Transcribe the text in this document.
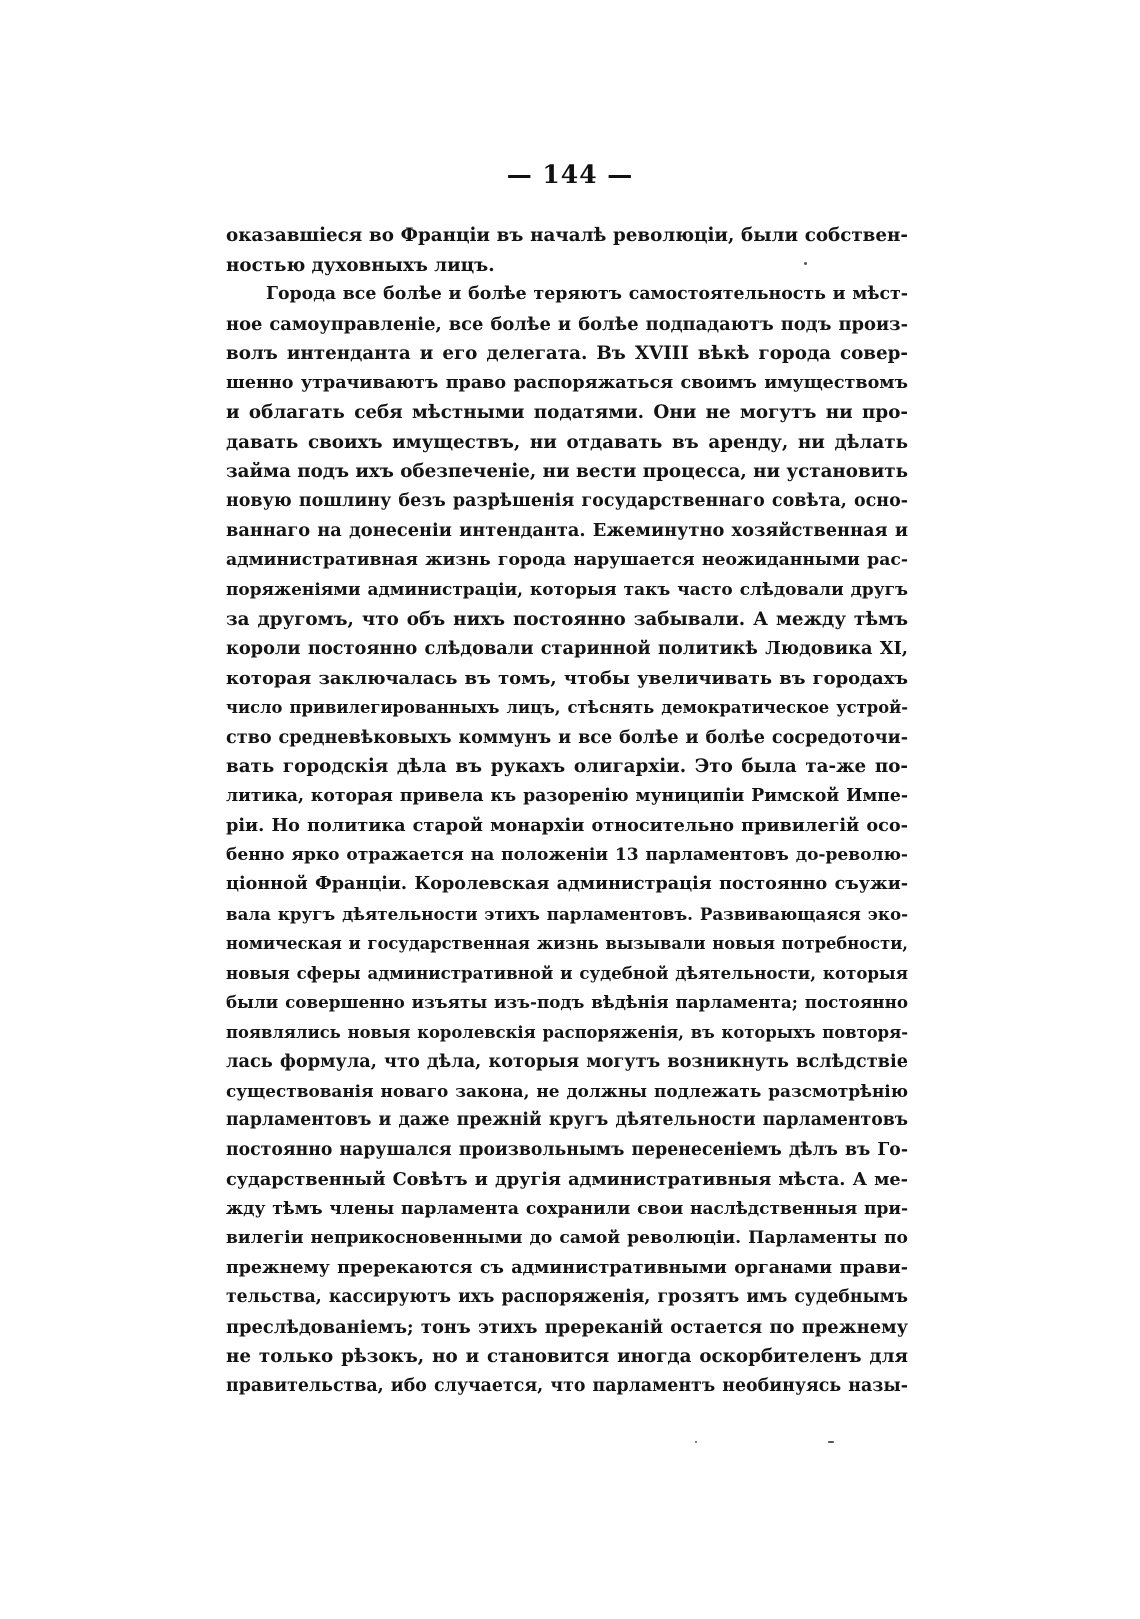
— 144 —
оказавшіеся во Франціи въ началѣ революціи, были собствен-
ностью духовныхъ лицъ.
Города все болѣе и болѣе теряютъ самостоятельность и мѣст-
ное самоуправленіе, все болѣе и болѣе подпадаютъ подъ произ-
волъ интенданта и его делегата. Въ XVIII вѣкѣ города совер-
шенно утрачиваютъ право распоряжаться своимъ имуществомъ
и облагать себя мѣстными податями. Они не могутъ ни про-
давать своихъ имуществъ, ни отдавать въ аренду, ни дѣлать
займа подъ ихъ обезпеченіе, ни вести процесса, ни установить
новую пошлину безъ разрѣшенія государственнаго совѣта, осно-
ваннаго на донесеніи интенданта. Ежеминутно хозяйственная и
административная жизнь города нарушается неожиданными рас-
поряженіями администраціи, которыя такъ часто слѣдовали другъ
за другомъ, что объ нихъ постоянно забывали. А между тѣмъ
короли постоянно слѣдовали старинной политикѣ Людовика XI,
которая заключалась въ томъ, чтобы увеличивать въ городахъ
число привилегированныхъ лицъ, стѣснять демократическое устрой-
ство средневѣковыхъ коммунъ и все болѣе и болѣе сосредоточи-
вать городскія дѣла въ рукахъ олигархіи. Это была та-же по-
литика, которая привела къ разоренію муниципіи Римской Импе-
ріи. Но политика старой монархіи относительно привилегій осо-
бенно ярко отражается на положеніи 13 парламентовъ до-револю-
ціонной Франціи. Королевская администрація постоянно съужи-
вала кругъ дѣятельности этихъ парламентовъ. Развивающаяся эко-
номическая и государственная жизнь вызывали новыя потребности,
новыя сферы административной и судебной дѣятельности, которыя
были совершенно изъяты изъ-подъ вѣдѣнія парламента; постоянно
появлялись новыя королевскія распоряженія, въ которыхъ повторя-
лась формула, что дѣла, которыя могутъ возникнуть вслѣдствіе
существованія новаго закона, не должны подлежать разсмотрѣнію
парламентовъ и даже прежній кругъ дѣятельности парламентовъ
постоянно нарушался произвольнымъ перенесеніемъ дѣлъ въ Го-
сударственный Совѣтъ и другія административныя мѣста. А ме-
жду тѣмъ члены парламента сохранили свои наслѣдственныя при-
вилегіи неприкосновенными до самой революціи. Парламенты по
прежнему пререкаются съ административными органами прави-
тельства, кассируютъ ихъ распоряженія, грозятъ имъ судебнымъ
преслѣдованіемъ; тонъ этихъ пререканій остается по прежнему
не только рѣзокъ, но и становится иногда оскорбителенъ для
правительства, ибо случается, что парламентъ необинуясь назы-
